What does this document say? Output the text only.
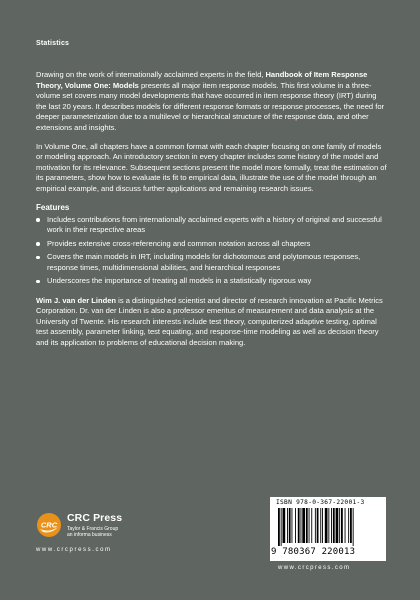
Statistics

Drawing on the work of internationally acclaimed experts in the field, Handbook of Item Response Theory, Volume One: Models presents all major item response models. This first volume in a three-volume set covers many model developments that have occurred in item response theory (IRT) during the last 20 years. It describes models for different response formats or response processes, the need for deeper parameterization due to a multilevel or hierarchical structure of the response data, and other extensions and insights.

In Volume One, all chapters have a common format with each chapter focusing on one family of models or modeling approach. An introductory section in every chapter includes some history of the model and motivation for its relevance. Subsequent sections present the model more formally, treat the estimation of its parameters, show how to evaluate its fit to empirical data, illustrate the use of the model through an empirical example, and discuss further applications and remaining research issues.

Features
Includes contributions from internationally acclaimed experts with a history of original and successful work in their respective areas
Provides extensive cross-referencing and common notation across all chapters
Covers the main models in IRT, including models for dichotomous and polytomous responses, response times, multidimensional abilities, and hierarchical responses
Underscores the importance of treating all models in a statistically rigorous way

Wim J. van der Linden is a distinguished scientist and director of research innovation at Pacific Metrics Corporation. Dr. van der Linden is also a professor emeritus of measurement and data analysis at the University of Twente. His research interests include test theory, computerized adaptive testing, optimal test assembly, parameter linking, test equating, and response-time modeling as well as decision theory and its application to problems of educational decision making.

CRC
CRC Press
Taylor & Francis Group
an informa business
www.crcpress.com
ISBN 978-0-367-22001-3
9 780367 220013
www.crcpress.com
